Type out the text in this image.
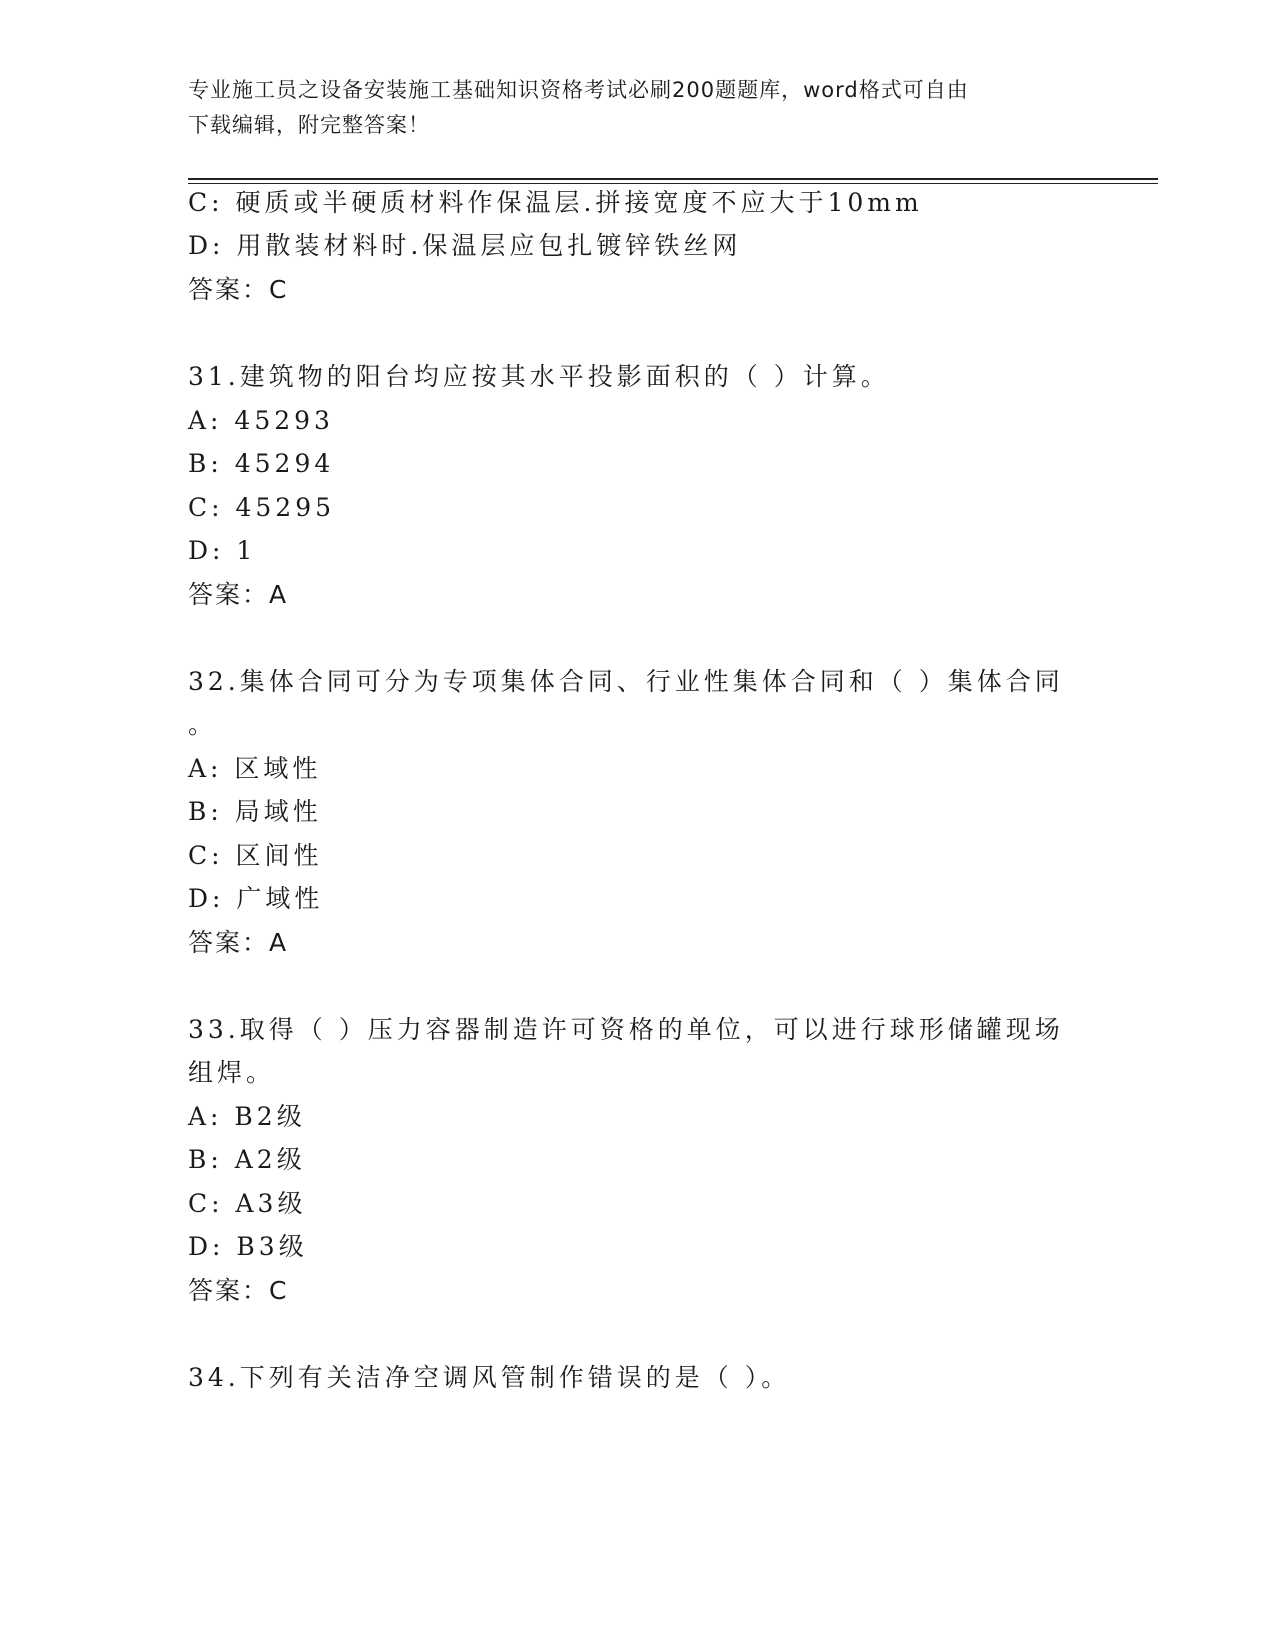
专业施工员之设备安装施工基础知识资格考试必刷200题题库，word格式可自由
下载编辑，附完整答案！
C: 硬质或半硬质材料作保温层.拼接宽度不应大于10mm
D: 用散装材料时.保温层应包扎镀锌铁丝网
答案：C
31.建筑物的阳台均应按其水平投影面积的（ ）计算。
A: 45293
B: 45294
C: 45295
D: 1
答案：A
32.集体合同可分为专项集体合同、行业性集体合同和（ ）集体合同
。
A: 区域性
B: 局域性
C: 区间性
D: 广域性
答案：A
33.取得（ ）压力容器制造许可资格的单位，可以进行球形储罐现场
组焊。
A: B2级
B: A2级
C: A3级
D: B3级
答案：C
34.下列有关洁净空调风管制作错误的是（ ）。
